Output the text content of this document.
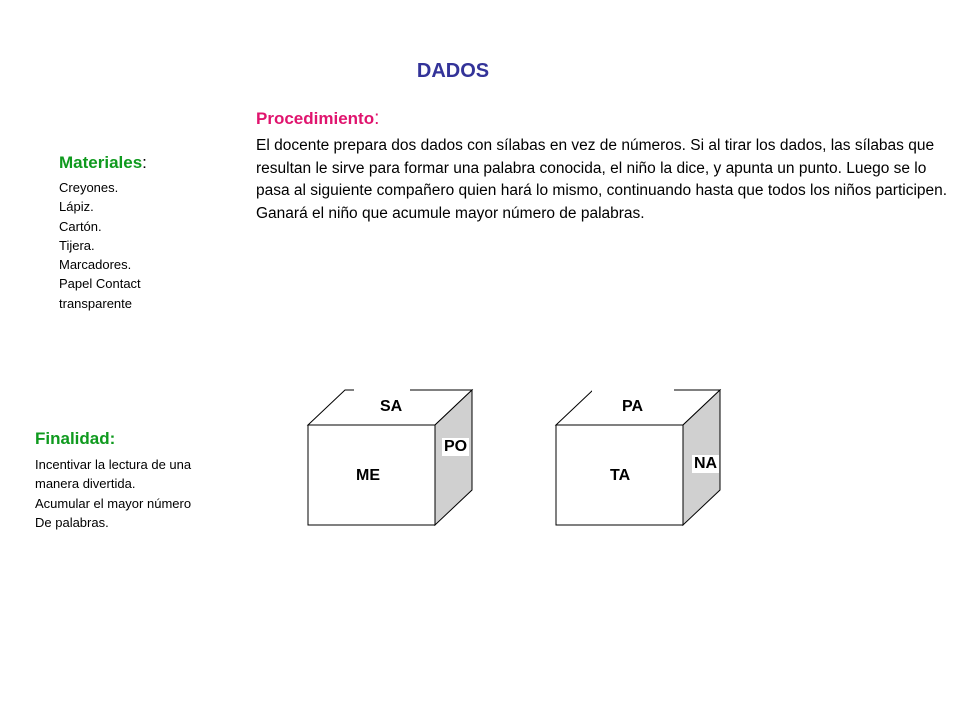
DADOS
Procedimiento:
El docente prepara dos dados con sílabas en vez de números. Si al tirar los dados, las sílabas que resultan le sirve para formar una palabra conocida, el niño la dice, y apunta un punto. Luego se lo pasa al siguiente compañero quien hará lo mismo, continuando hasta que todos los niños participen. Ganará el niño que acumule mayor número de palabras.
Materiales:
Creyones.
Lápiz.
Cartón.
Tijera.
Marcadores.
Papel Contact
transparente
Finalidad:
Incentivar la lectura de una
manera divertida.
Acumular el mayor número
De palabras.
SA
PO
ME
PA
NA
TA
